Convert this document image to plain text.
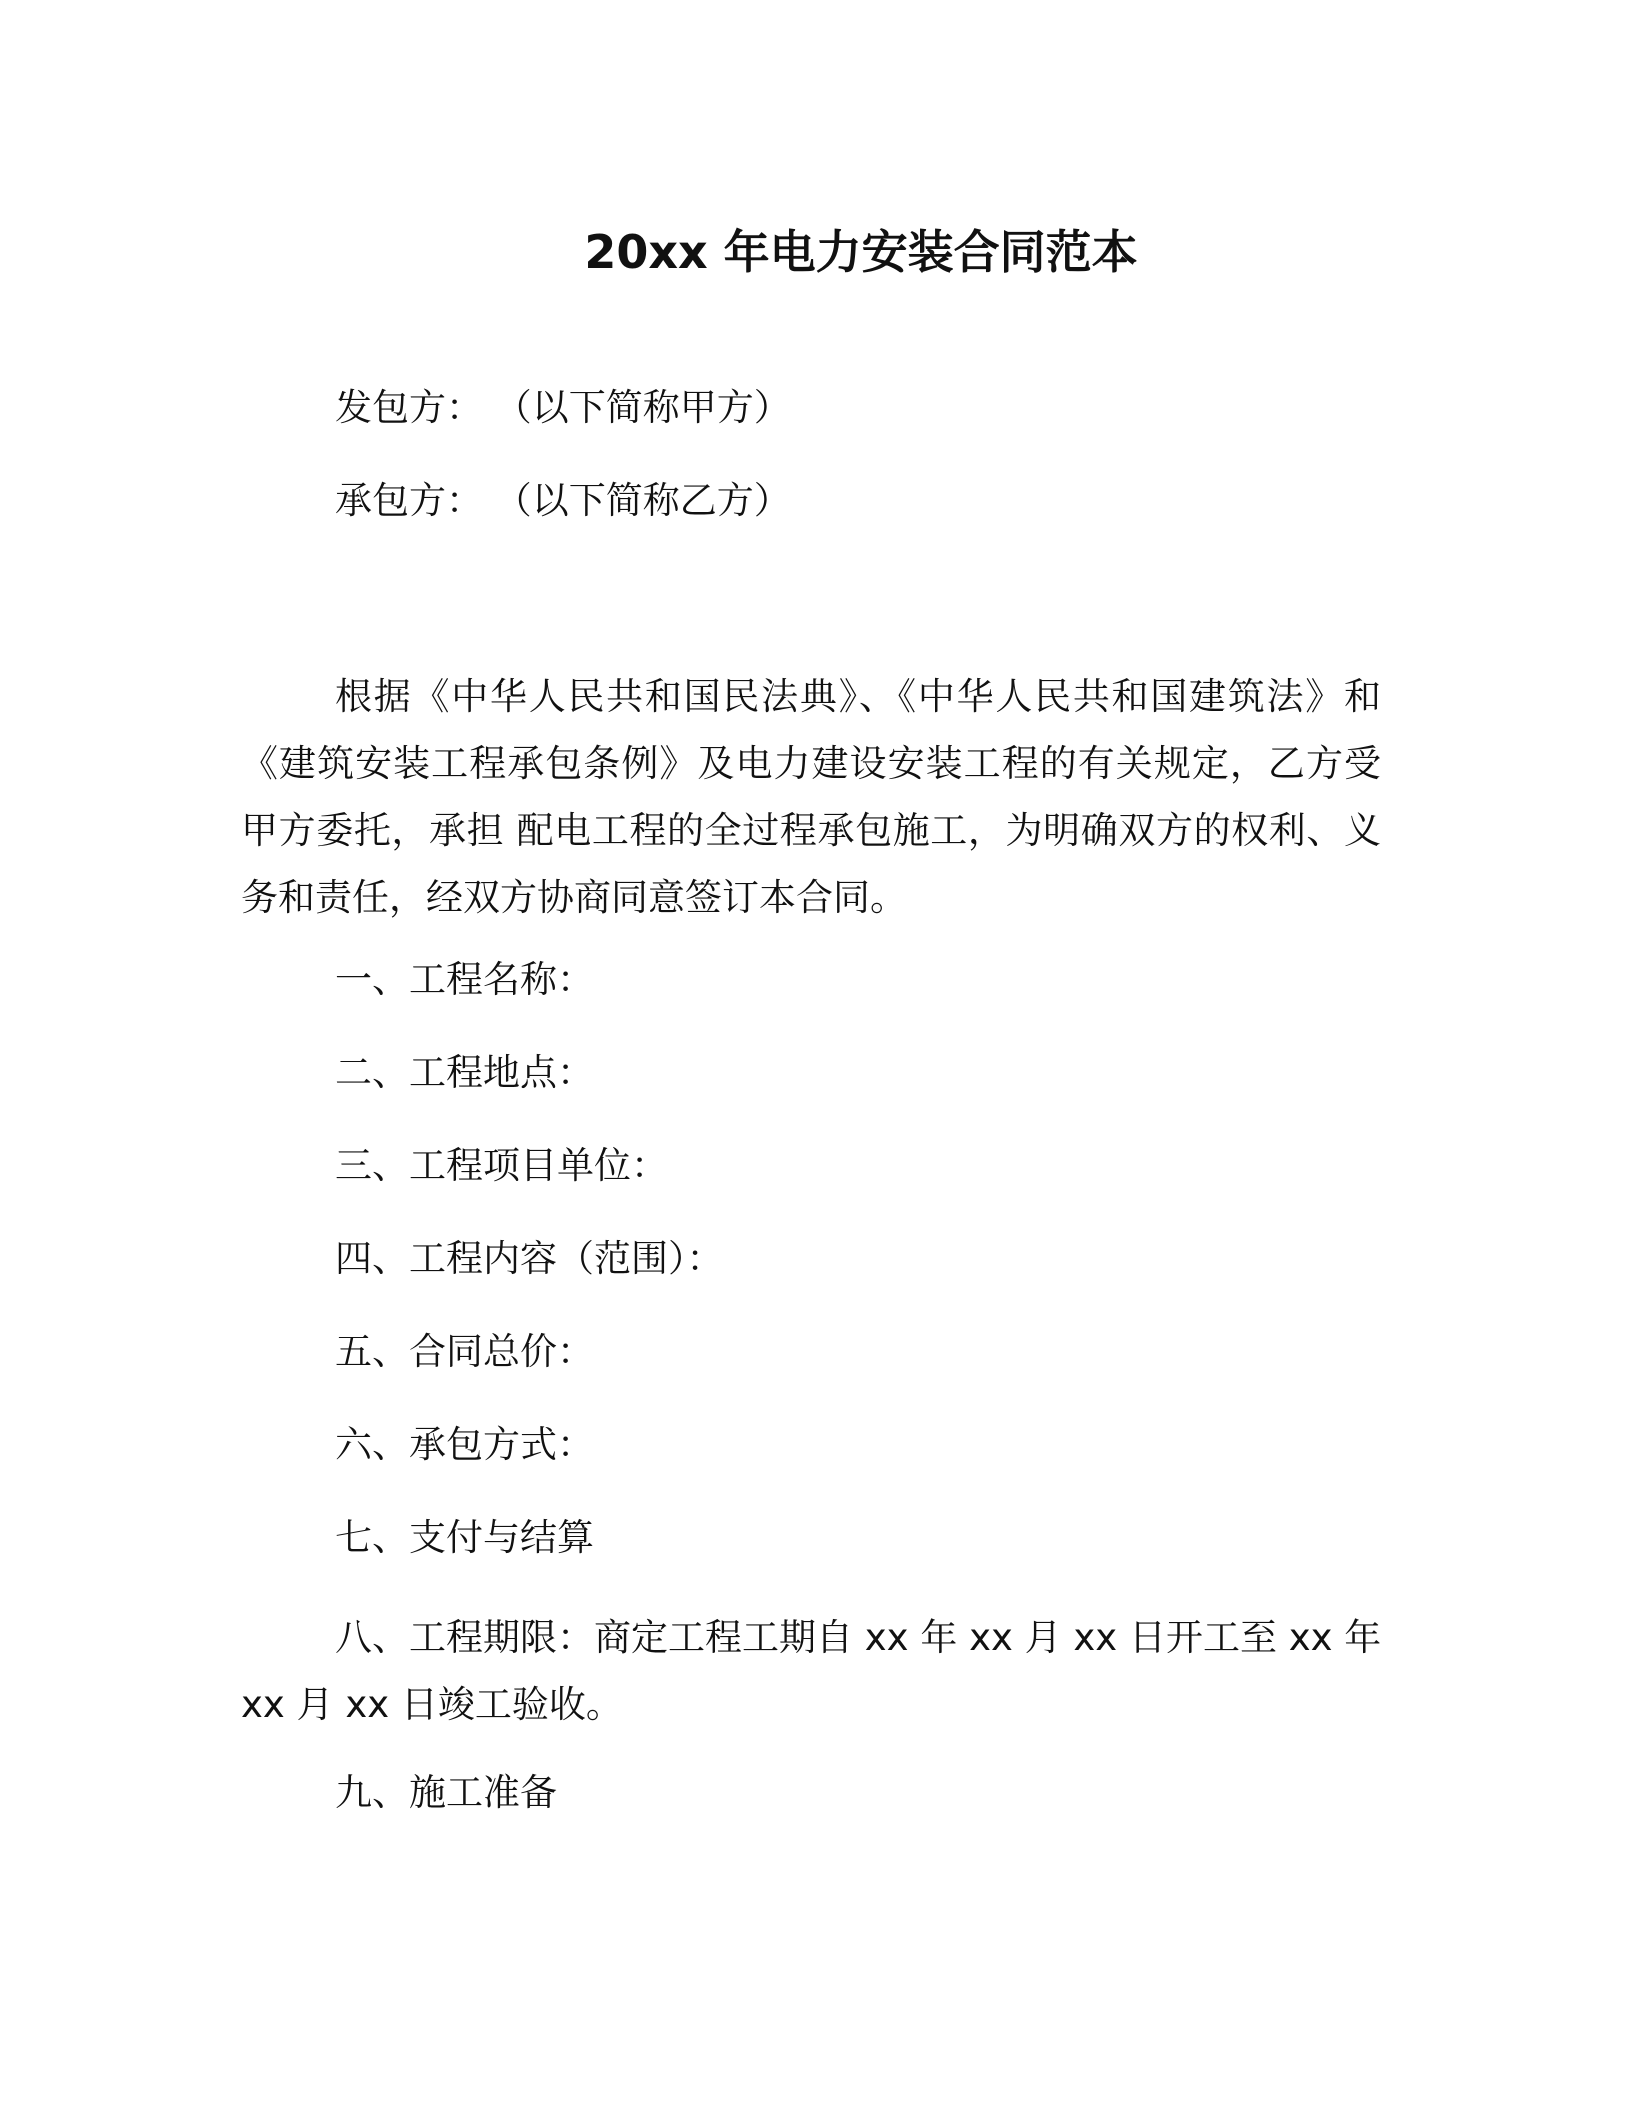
20xx 年电力安装合同范本
发包方： （以下简称甲方）
承包方： （以下简称乙方）
根据《中华人民共和国民法典》、《中华人民共和国建筑法》和《建筑安装工程承包条例》及电力建设安装工程的有关规定，乙方受甲方委托，承担 配电工程的全过程承包施工，为明确双方的权利、义务和责任，经双方协商同意签订本合同。
一、工程名称：
二、工程地点：
三、工程项目单位：
四、工程内容（范围）：
五、合同总价：
六、承包方式：
七、支付与结算
八、工程期限：商定工程工期自 xx 年 xx 月 xx 日开工至 xx 年
xx 月 xx 日竣工验收。
九、施工准备
